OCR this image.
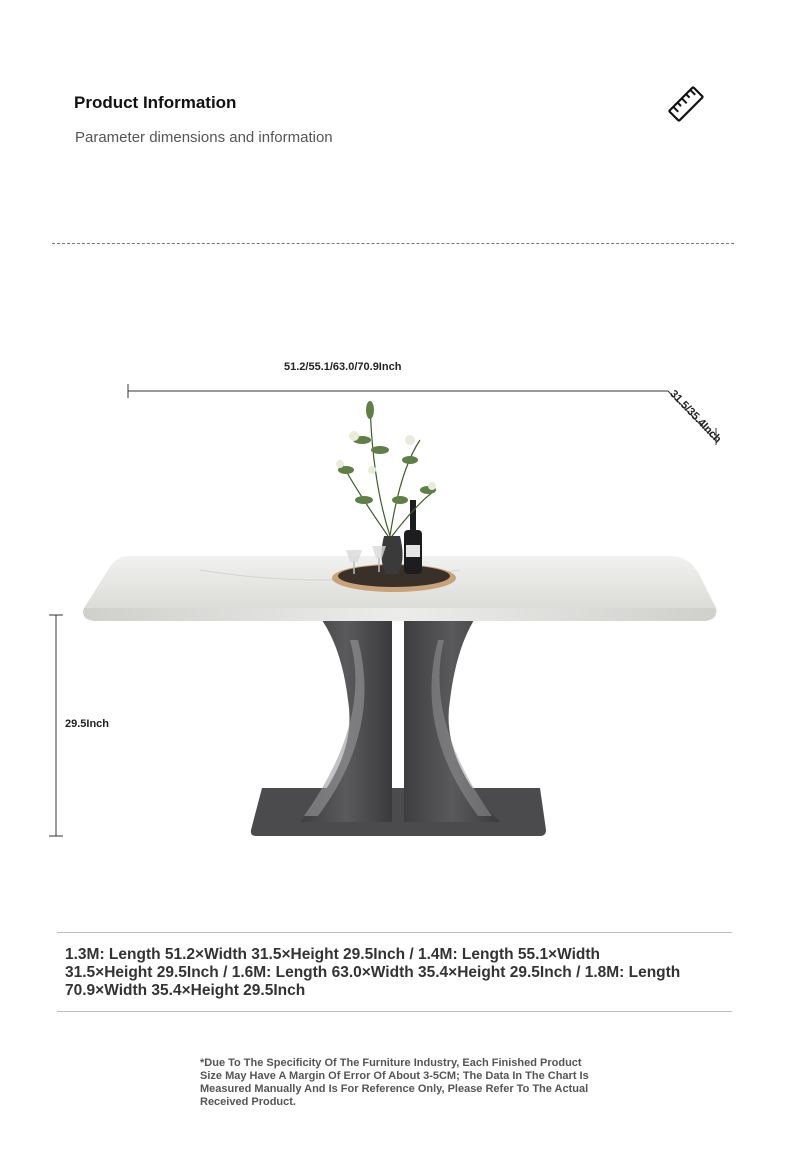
Product Information
Parameter dimensions and information
51.2/55.1/63.0/70.9Inch
31.5/35.4Inch
29.5Inch
1.3M: Length 51.2×Width 31.5×Height 29.5Inch / 1.4M: Length 55.1×Width 31.5×Height 29.5Inch / 1.6M: Length 63.0×Width 35.4×Height 29.5Inch / 1.8M: Length 70.9×Width 35.4×Height 29.5Inch
*Due To The Specificity Of The Furniture Industry, Each Finished Product Size May Have A Margin Of Error Of About 3-5CM; The Data In The Chart Is Measured Manually And Is For Reference Only, Please Refer To The Actual Received Product.
